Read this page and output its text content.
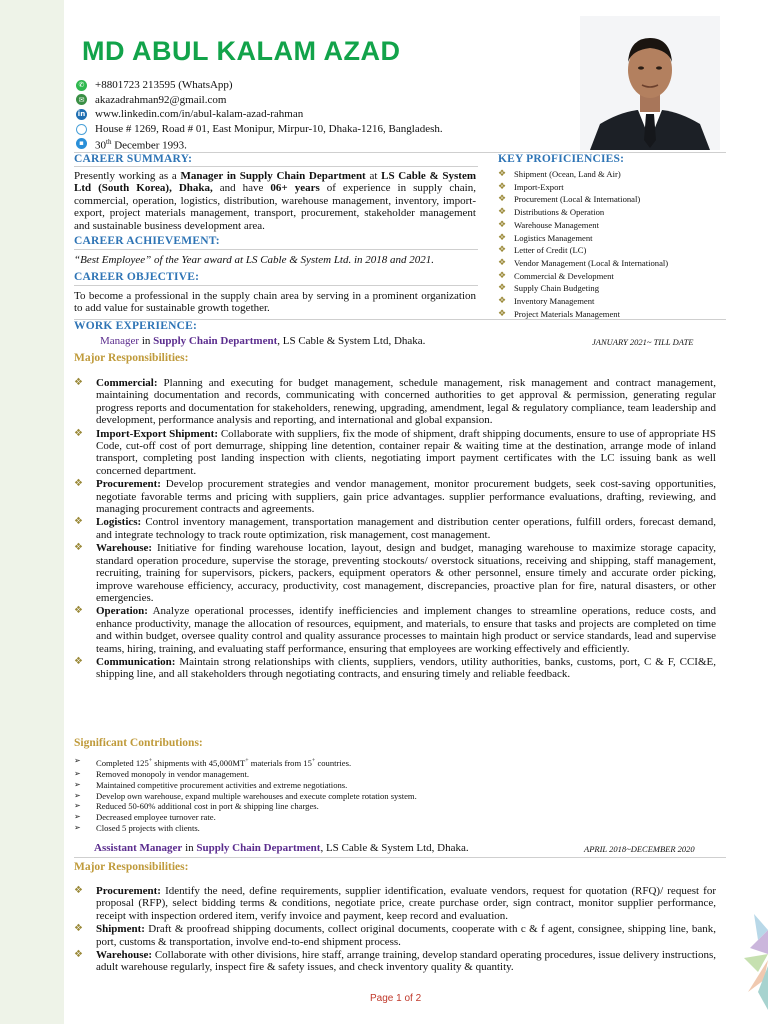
MD ABUL KALAM AZAD
✆ +8801723 213595 (WhatsApp)
✉ akazadrahman92@gmail.com
in www.linkedin.com/in/abul-kalam-azad-rahman
House # 1269, Road # 01, East Monipur, Mirpur-10, Dhaka-1216, Bangladesh.
▪ 30th December 1993.
CAREER SUMMARY:
Presently working as a Manager in Supply Chain Department at LS Cable & System Ltd (South Korea), Dhaka, and have 06+ years of experience in supply chain, commercial, operation, logistics, distribution, warehouse management, inventory, import-export, project materials management, transport, procurement, stakeholder management and sustainable business development area.
CAREER ACHIEVEMENT:
“Best Employee” of the Year award at LS Cable & System Ltd. in 2018 and 2021.
CAREER OBJECTIVE:
To become a professional in the supply chain area by serving in a prominent organization to add value for sustainable growth together.
KEY PROFICIENCIES:
❖ Shipment (Ocean, Land & Air)
❖ Import-Export
❖ Procurement (Local & International)
❖ Distributions & Operation
❖ Warehouse Management
❖ Logistics Management
❖ Letter of Credit (LC)
❖ Vendor Management (Local & International)
❖ Commercial & Development
❖ Supply Chain Budgeting
❖ Inventory Management
❖ Project Materials Management
WORK EXPERIENCE:
Manager in Supply Chain Department, LS Cable & System Ltd, Dhaka.	JANUARY 2021~ TILL DATE
Major Responsibilities:
❖	Commercial: Planning and executing for budget management, schedule management, risk management and contract management, maintaining documentation and records, communicating with concerned authorities to get approval & permission, generating regular progress reports and documentation for stakeholders, renewing, upgrading, amendment, legal & regulatory compliance, team leadership and development, performance analysis and reporting, and international and global expansion.
❖	Import-Export Shipment: Collaborate with suppliers, fix the mode of shipment, draft shipping documents, ensure to use of appropriate HS Code, cut-off cost of port demurrage, shipping line detention, container repair & waiting time at the destination, arrange mode of inland transport, completing post landing inspection with clients, negotiating import payment certificates with the LC issuing bank as well concerned department.
❖	Procurement: Develop procurement strategies and vendor management, monitor procurement budgets, seek cost-saving opportunities, negotiate favorable terms and pricing with suppliers, gain price advantages. supplier performance evaluations, drafting, reviewing, and managing procurement contracts and agreements.
❖	Logistics: Control inventory management, transportation management and distribution center operations, fulfill orders, forecast demand, and integrate technology to track route optimization, risk management, cost management.
❖	Warehouse: Initiative for finding warehouse location, layout, design and budget, managing warehouse to maximize storage capacity, standard operation procedure, supervise the storage, preventing stockouts/ overstock situations, receiving and shipping, staff management, recruiting, training for supervisors, pickers, packers, equipment operators & other personnel, ensure timely and accurate order picking, improve warehouse efficiency, accuracy, productivity, cost management, discrepancies, proactive plan for fire, natural disasters, or other emergencies.
❖	Operation: Analyze operational processes, identify inefficiencies and implement changes to streamline operations, reduce costs, and enhance productivity, manage the allocation of resources, equipment, and materials, to ensure that tasks and projects are completed on time and within budget, oversee quality control and quality assurance processes to maintain high product or service standards, lead and supervise teams, hiring, training, and evaluating staff performance, ensuring that employees are working effectively and efficiently.
❖	Communication: Maintain strong relationships with clients, suppliers, vendors, utility authorities, banks, customs, port, C & F, CCI&E, shipping line, and all stakeholders through negotiating contracts, and ensuring timely and reliable feedback.
Significant Contributions:
➢	Completed 125+ shipments with 45,000MT+ materials from 15+ countries.
➢	Removed monopoly in vendor management.
➢	Maintained competitive procurement activities and extreme negotiations.
➢	Develop own warehouse, expand multiple warehouses and execute complete rotation system.
➢	Reduced 50-60% additional cost in port & shipping line charges.
➢	Decreased employee turnover rate.
➢	Closed 5 projects with clients.
Assistant Manager in Supply Chain Department, LS Cable & System Ltd, Dhaka.	APRIL 2018~DECEMBER 2020
Major Responsibilities:
❖	Procurement: Identify the need, define requirements, supplier identification, evaluate vendors, request for quotation (RFQ)/ request for proposal (RFP), select bidding terms & conditions, negotiate price, create purchase order, sign contract, monitor supplier performance, receipt with inspection ordered item, verify invoice and payment, keep record and evaluation.
❖	Shipment: Draft & proofread shipping documents, collect original documents, cooperate with c & f agent, consignee, shipping line, bank, port, customs & transportation, involve end-to-end shipment process.
❖	Warehouse: Collaborate with other divisions, hire staff, arrange training, develop standard operating procedures, issue delivery instructions, adult warehouse regularly, inspect fire & safety issues, and check inventory quality & quantity.
Page 1 of 2
